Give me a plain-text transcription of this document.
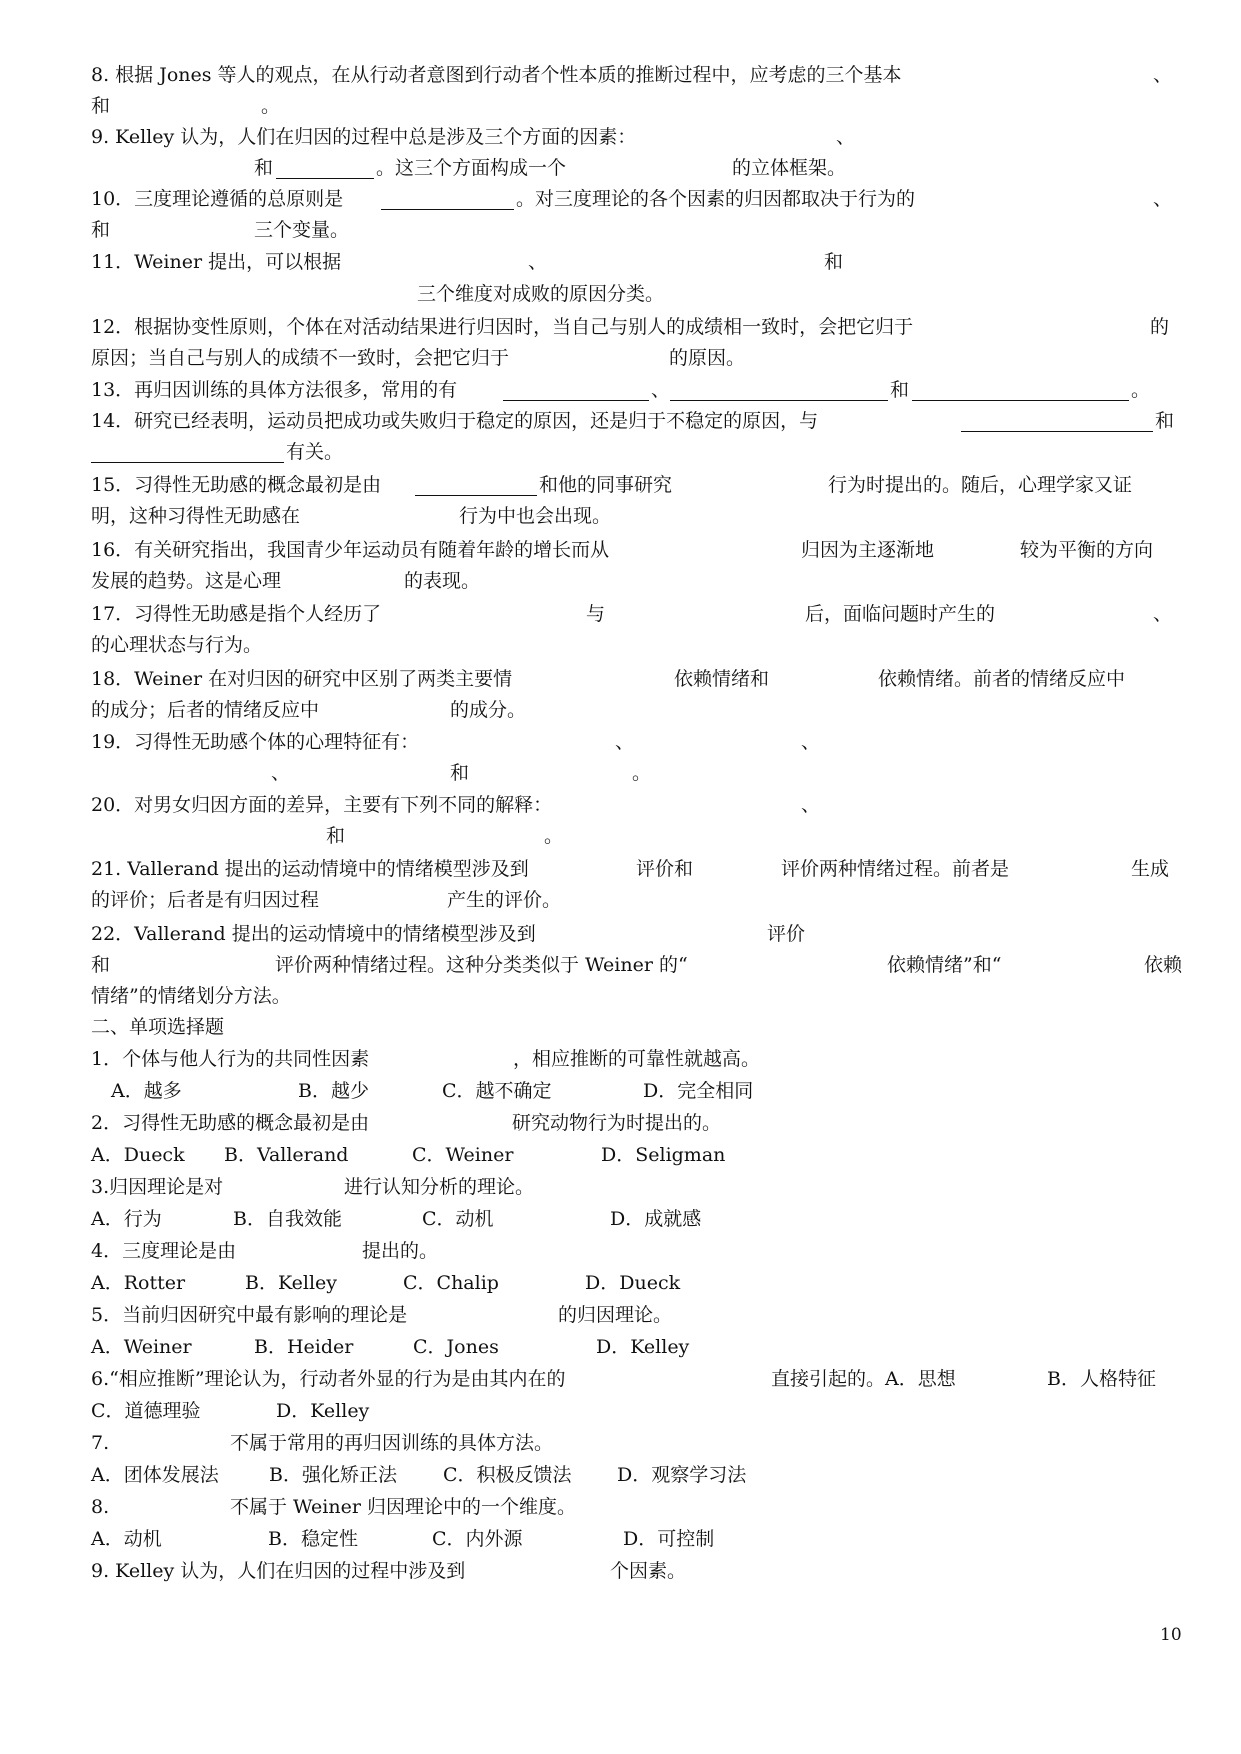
8. 根据 Jones 等人的观点，在从行动者意图到行动者个性本质的推断过程中，应考虑的三个基本	、
和	。
9. Kelley 认为，人们在归因的过程中总是涉及三个方面的因素：	、
和	。这三个方面构成一个	的立体框架。
10．三度理论遵循的总原则是	。对三度理论的各个因素的归因都取决于行为的	、
和	三个变量。
11．Weiner 提出，可以根据	、	和
三个维度对成败的原因分类。
12．根据协变性原则，个体在对活动结果进行归因时，当自己与别人的成绩相一致时，会把它归于	的
原因；当自己与别人的成绩不一致时，会把它归于	的原因。
13．再归因训练的具体方法很多，常用的有	、	和	。
14．研究已经表明，运动员把成功或失败归于稳定的原因，还是归于不稳定的原因，与	和
有关。
15．习得性无助感的概念最初是由	和他的同事研究	行为时提出的。随后，心理学家又证
明，这种习得性无助感在	行为中也会出现。
16．有关研究指出，我国青少年运动员有随着年龄的增长而从	归因为主逐渐地	较为平衡的方向
发展的趋势。这是心理	的表现。
17．习得性无助感是指个人经历了	与	后，面临问题时产生的	、
的心理状态与行为。
18．Weiner 在对归因的研究中区别了两类主要情	依赖情绪和	依赖情绪。前者的情绪反应中
的成分；后者的情绪反应中	的成分。
19．习得性无助感个体的心理特征有：	、	、
、	和	。
20．对男女归因方面的差异，主要有下列不同的解释：	、
和	。
21. Vallerand 提出的运动情境中的情绪模型涉及到	评价和	评价两种情绪过程。前者是	生成
的评价；后者是有归因过程	产生的评价。
22．Vallerand 提出的运动情境中的情绪模型涉及到	评价
和	评价两种情绪过程。这种分类类似于 Weiner 的“	依赖情绪”和“	依赖
情绪”的情绪划分方法。
二、单项选择题
1．个体与他人行为的共同性因素	，相应推断的可靠性就越高。
A．越多	B．越少	C．越不确定	D．完全相同
2．习得性无助感的概念最初是由	研究动物行为时提出的。
A．Dueck B．Vallerand	C．Weiner	D．Seligman
3.归因理论是对	进行认知分析的理论。
A．行为	B．自我效能	C．动机	D．成就感
4．三度理论是由	提出的。
A．Rotter	B．Kelley	C．Chalip	D．Dueck
5．当前归因研究中最有影响的理论是	的归因理论。
A．Weiner	B．Heider	C．Jones	D．Kelley
6.“相应推断”理论认为，行动者外显的行为是由其内在的	直接引起的。A．思想	B．人格特征
C．道德理验	D．Kelley
7.	不属于常用的再归因训练的具体方法。
A．团体发展法	B．强化矫正法 C．积极反馈法 D．观察学习法
8.	不属于 Weiner 归因理论中的一个维度。
A．动机	B．稳定性	C．内外源	D．可控制
9. Kelley 认为，人们在归因的过程中涉及到	个因素。
10
